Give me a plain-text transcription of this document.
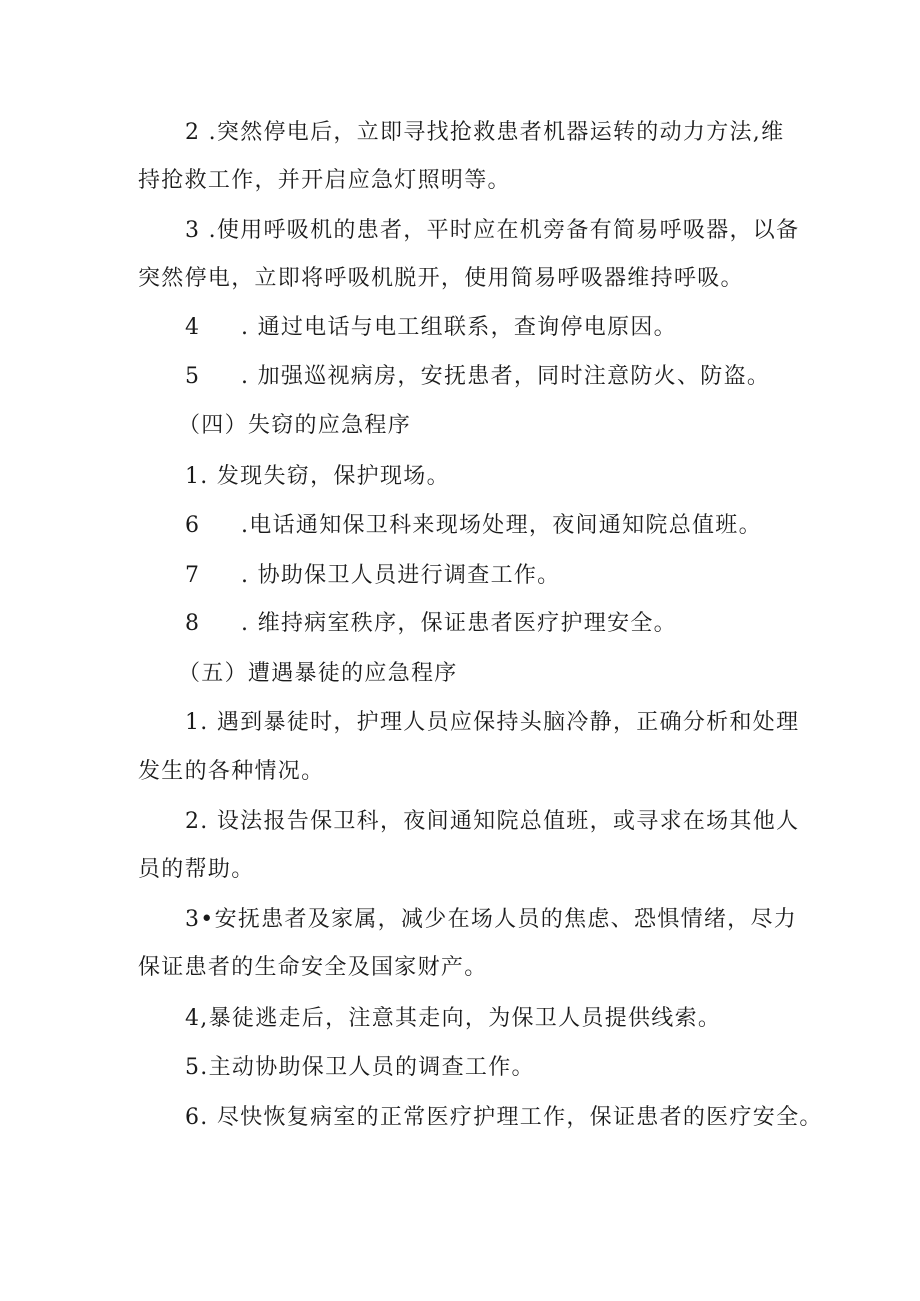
2 .突然停电后，立即寻找抢救患者机器运转的动力方法,维
持抢救工作，并开启应急灯照明等。
3 .使用呼吸机的患者，平时应在机旁备有简易呼吸器，以备
突然停电，立即将呼吸机脱开，使用简易呼吸器维持呼吸。
4 . 通过电话与电工组联系，查询停电原因。
5 . 加强巡视病房，安抚患者，同时注意防火、防盗。
（四）失窃的应急程序
1. 发现失窃，保护现场。
6 .电话通知保卫科来现场处理，夜间通知院总值班。
7 . 协助保卫人员进行调查工作。
8 . 维持病室秩序，保证患者医疗护理安全。
（五）遭遇暴徒的应急程序
1. 遇到暴徒时，护理人员应保持头脑冷静，正确分析和处理
发生的各种情况。
2. 设法报告保卫科，夜间通知院总值班，或寻求在场其他人
员的帮助。
3•安抚患者及家属，减少在场人员的焦虑、恐惧情绪，尽力
保证患者的生命安全及国家财产。
4,暴徒逃走后，注意其走向，为保卫人员提供线索。
5.主动协助保卫人员的调查工作。
6. 尽快恢复病室的正常医疗护理工作，保证患者的医疗安全。
